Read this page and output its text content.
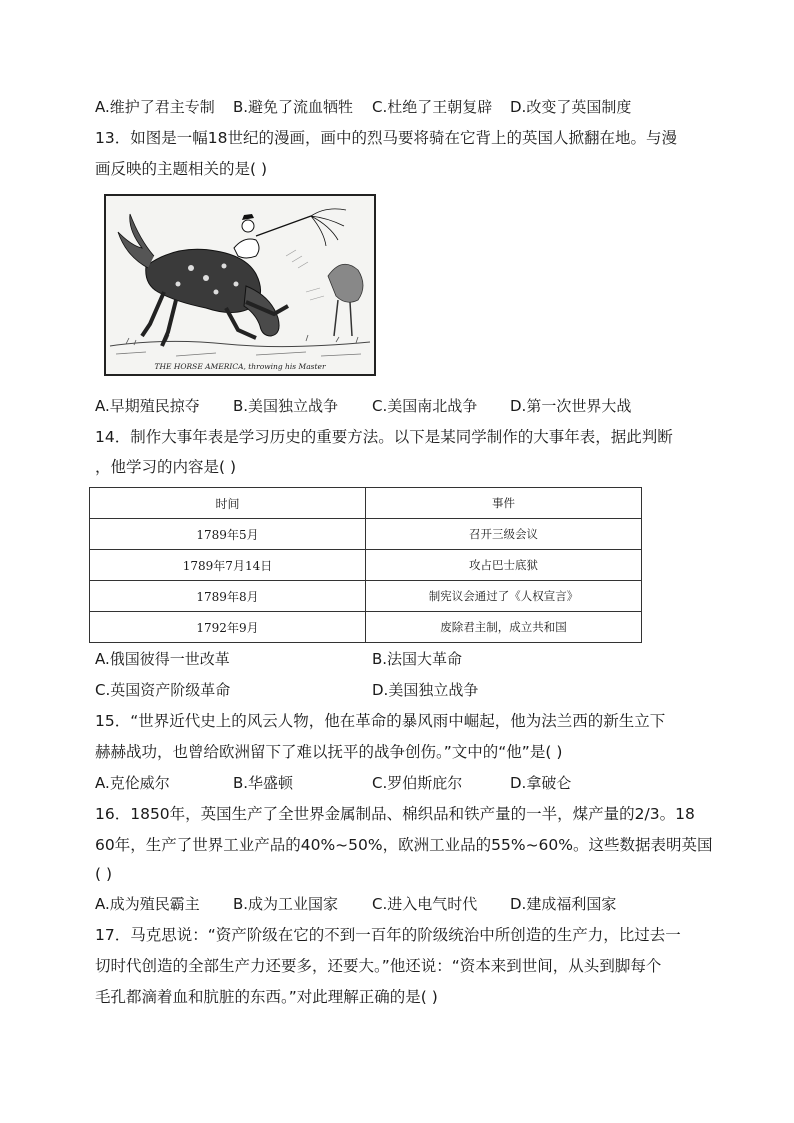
A.维护了君主专制 B.避免了流血牺牲 C.杜绝了王朝复辟 D.改变了英国制度
13．如图是一幅18世纪的漫画，画中的烈马要将骑在它背上的英国人掀翻在地。与漫
画反映的主题相关的是( )
THE HORSE AMERICA, throwing his Master
A.早期殖民掠夺 B.美国独立战争 C.美国南北战争 D.第一次世界大战
14．制作大事年表是学习历史的重要方法。以下是某同学制作的大事年表，据此判断
，他学习的内容是( )
时间	事件
1789年5月	召开三级会议
1789年7月14日	攻占巴士底狱
1789年8月	制宪议会通过了《人权宣言》
1792年9月	废除君主制，成立共和国
A.俄国彼得一世改革	B.法国大革命
C.英国资产阶级革命	D.美国独立战争
15．“世界近代史上的风云人物，他在革命的暴风雨中崛起，他为法兰西的新生立下
赫赫战功，也曾给欧洲留下了难以抚平的战争创伤。”文中的“他”是( )
A.克伦威尔	B.华盛顿	C.罗伯斯庇尔	D.拿破仑
16．1850年，英国生产了全世界金属制品、棉织品和铁产量的一半，煤产量的2/3。18
60年，生产了世界工业产品的40%~50%，欧洲工业品的55%~60%。这些数据表明英国
( )
A.成为殖民霸主 B.成为工业国家 C.进入电气时代 D.建成福利国家
17．马克思说：“资产阶级在它的不到一百年的阶级统治中所创造的生产力，比过去一
切时代创造的全部生产力还要多，还要大。”他还说：“资本来到世间，从头到脚每个
毛孔都滴着血和肮脏的东西。”对此理解正确的是( )
